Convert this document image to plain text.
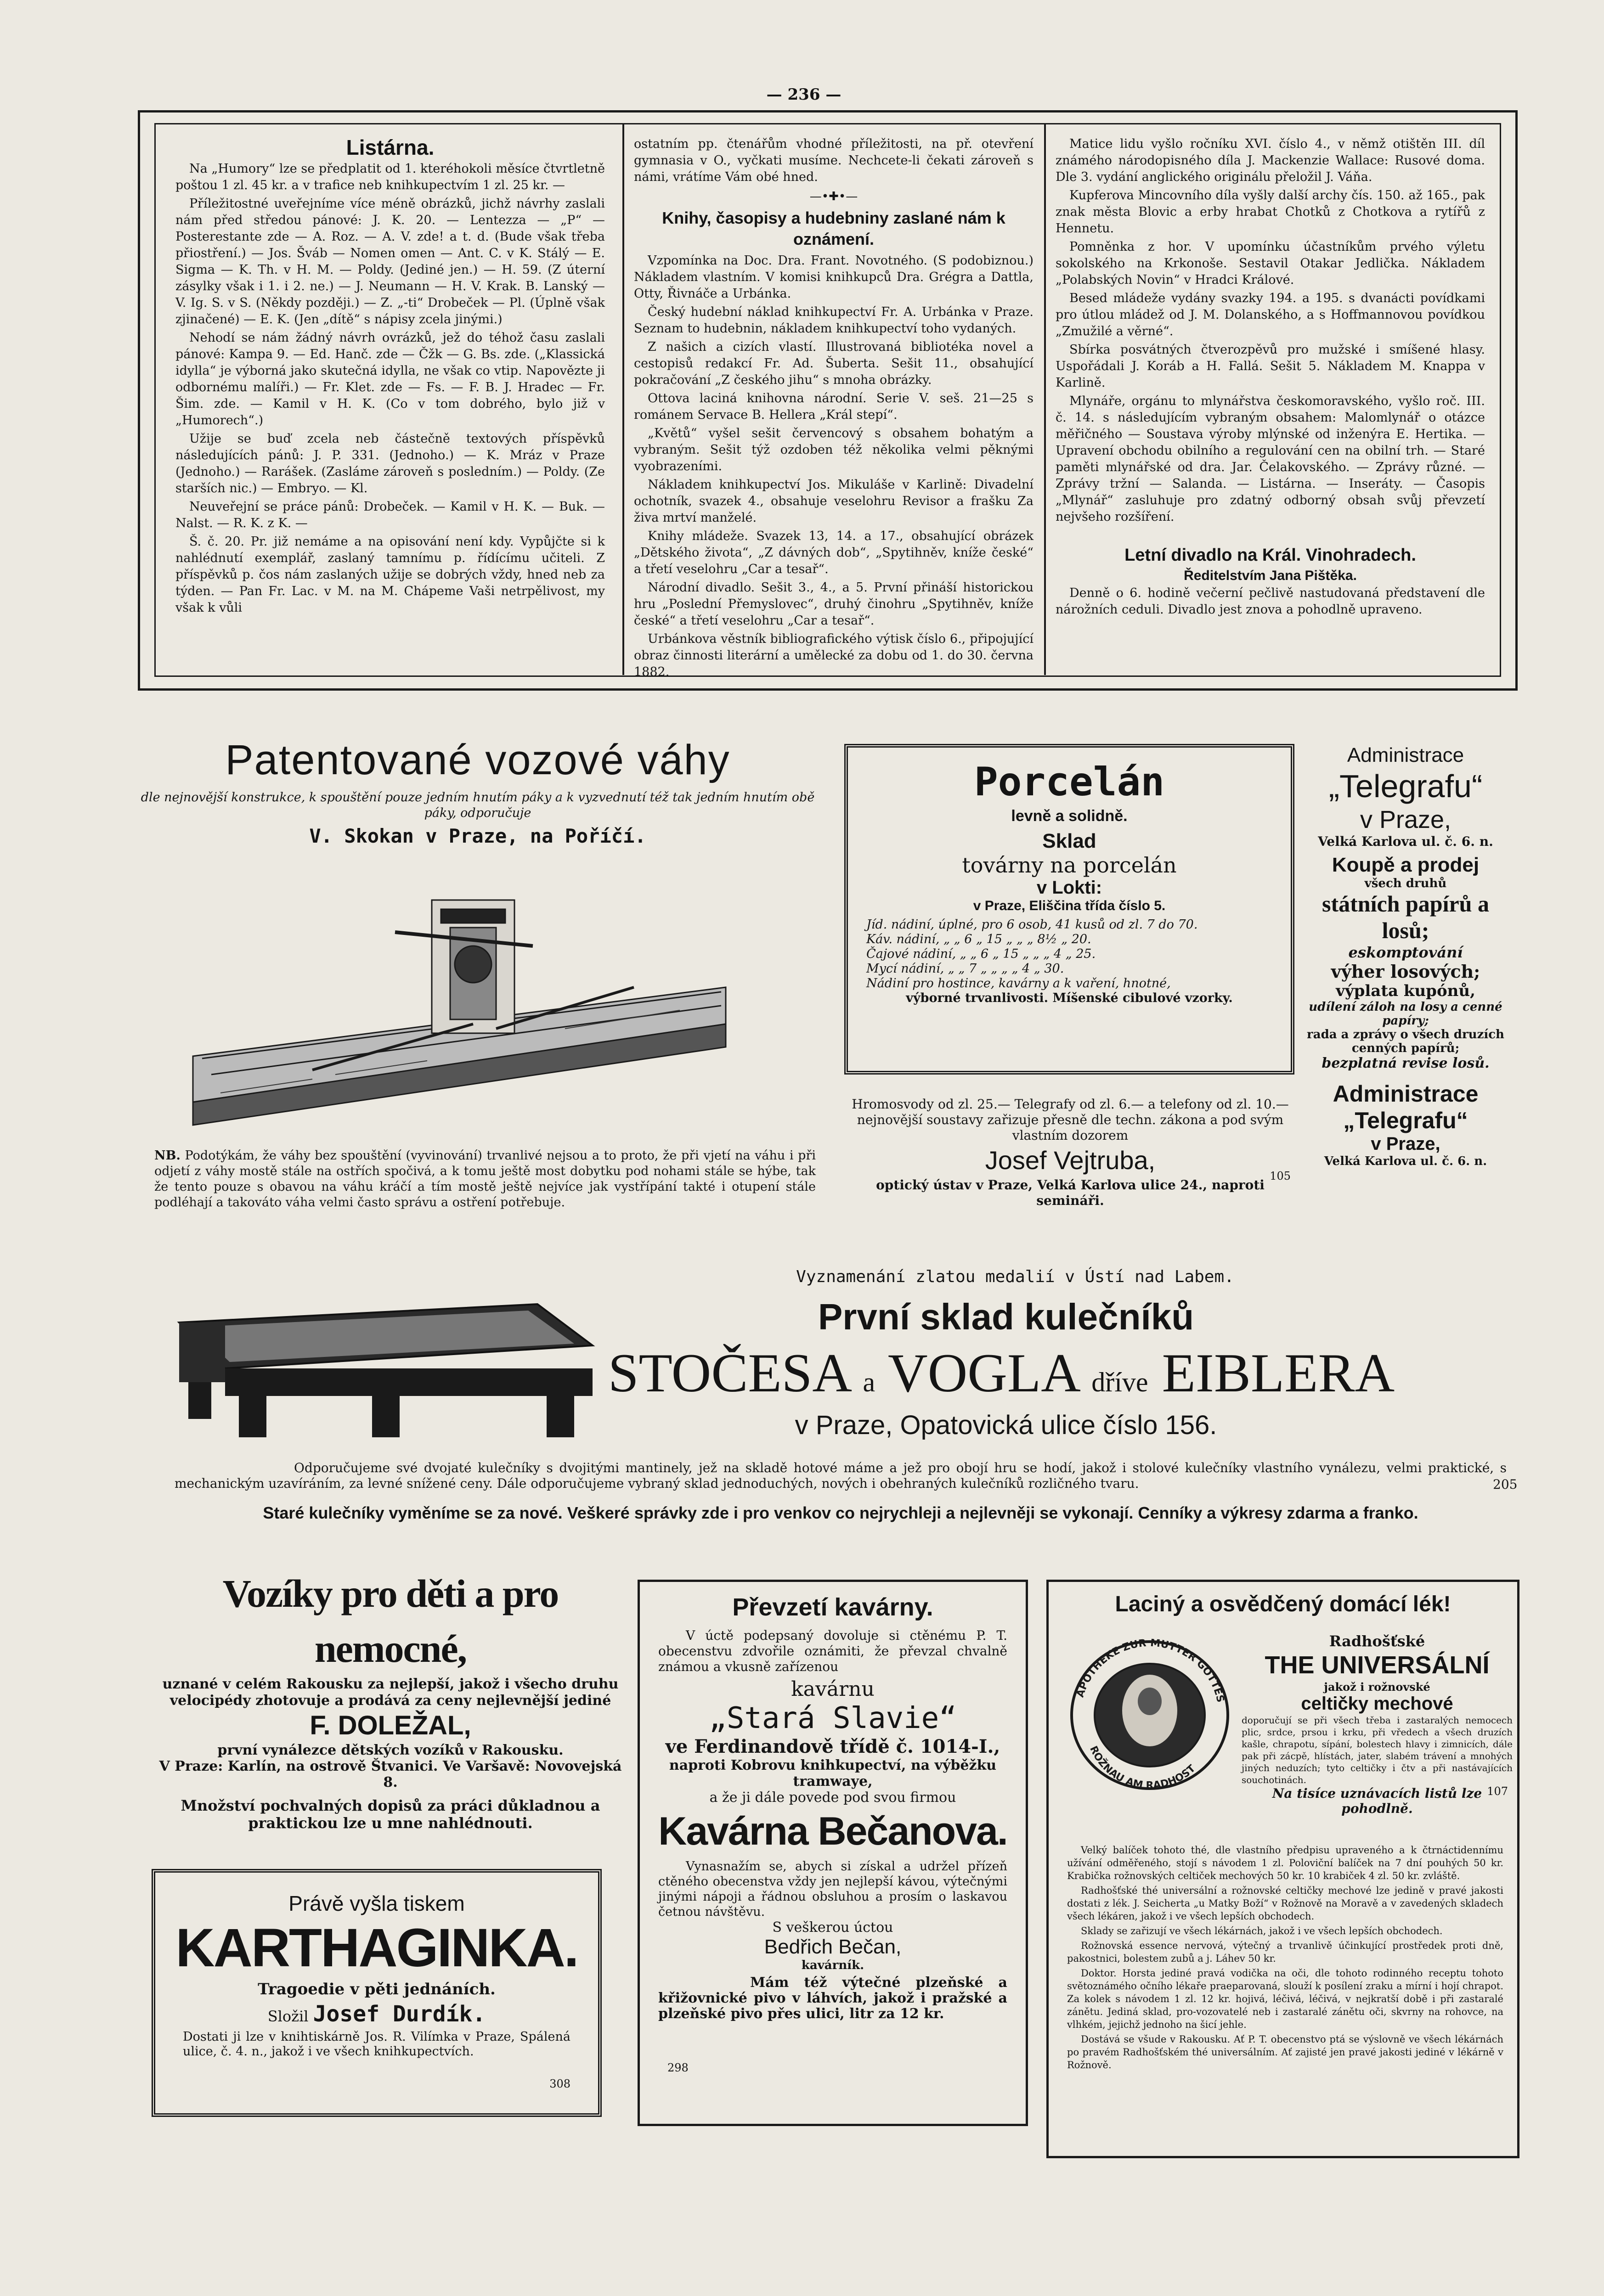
— 236 —
Listárna.

Na „Humory“ lze se předplatit od 1. kteréhokoli měsíce čtvrtletně poštou 1 zl. 45 kr. a v trafice neb knihkupectvím 1 zl. 25 kr. —

Příležitostné uveřejníme více méně obrázků, jichž návrhy zaslali nám před středou pánové: J. K. 20. — Lentezza — „P“ — Posterestante zde — A. Roz. — A. V. zde! a t. d. (Bude však třeba přiostření.) — Jos. Šváb — Nomen omen — Ant. C. v K. Stálý — E. Sigma — K. Th. v H. M. — Poldy. (Jediné jen.) — H. 59. (Z úterní zásylky však i 1. i 2. ne.) — J. Neumann — H. V. Krak. B. Lanský — V. Ig. S. v S. (Někdy později.) — Z. „-ti“ Drobeček — Pl. (Úplně však zjinačené) — E. K. (Jen „dítě“ s nápisy zcela jinými.)

Nehodí se nám žádný návrh ovrázků, jež do téhož času zaslali pánové: Kampa 9. — Ed. Hanč. zde — Čžk — G. Bs. zde. („Klassická idylla“ je výborná jako skutečná idylla, ne však co vtip. Napovězte ji odbornému malíři.) — Fr. Klet. zde — Fs. — F. B. J. Hradec — Fr. Šim. zde. — Kamil v H. K. (Co v tom dobrého, bylo již v „Humorech“.)

Užije se buď zcela neb částečně textových příspěvků následujících pánů: J. P. 331. (Jednoho.) — K. Mráz v Praze (Jednoho.) — Rarášek. (Zasláme zároveň s posledním.) — Poldy. (Ze starších nic.) — Embryo. — Kl.

Neuveřejní se práce pánů: Drobeček. — Kamil v H. K. — Buk. — Nalst. — R. K. z K. —

Š. č. 20. Pr. již nemáme a na opisování není kdy. Vypůjčte si k nahlédnutí exemplář, zaslaný tamnímu p. řídícímu učiteli. Z příspěvků p. čos nám zaslaných užije se dobrých vždy, hned neb za týden. — Pan Fr. Lac. v M. na M. Chápeme Vaši netrpělivost, my však k vůli

ostatním pp. čtenářům vhodné příležitosti, na př. otevření gymnasia v O., vyčkati musíme. Nechcete-li čekati zároveň s námi, vrátíme Vám obé hned.

—•✚•—
Knihy, časopisy a hudebniny zaslané nám k oznámení.

Vzpomínka na Doc. Dra. Frant. Novotného. (S podobiznou.) Nákladem vlastním. V komisi knihkupců Dra. Grégra a Dattla, Otty, Řivnáče a Urbánka.

Český hudební náklad knihkupectví Fr. A. Urbánka v Praze. Seznam to hudebnin, nákladem knihkupectví toho vydaných.

Z našich a cizích vlastí. Illustrovaná bibliotéka novel a cestopisů redakcí Fr. Ad. Šuberta. Sešit 11., obsahující pokračování „Z českého jihu“ s mnoha obrázky.

Ottova laciná knihovna národní. Serie V. seš. 21—25 s románem Servace B. Hellera „Král stepí“.

„Květů“ vyšel sešit červencový s obsahem bohatým a vybraným. Sešit týž ozdoben též několika velmi pěknými vyobrazeními.

Nákladem knihkupectví Jos. Mikuláše v Karlině: Divadelní ochotník, svazek 4., obsahuje veselohru Revisor a frašku Za živa mrtví manželé.

Knihy mládeže. Svazek 13, 14. a 17., obsahující obrázek „Dětského života“, „Z dávných dob“, „Spytihněv, kníže české“ a třetí veselohru „Car a tesař“.

Národní divadlo. Sešit 3., 4., a 5. První přináší historickou hru „Poslední Přemyslovec“, druhý činohru „Spytihněv, kníže české“ a třetí veselohru „Car a tesař“.

Urbánkova věstník bibliografického výtisk číslo 6., připojující obraz činnosti literární a umělecké za dobu od 1. do 30. června 1882.

Matice lidu vyšlo ročníku XVI. číslo 4., v němž otištěn III. díl známého národopisného díla J. Mackenzie Wallace: Rusové doma. Dle 3. vydání anglického originálu přeložil J. Váňa.

Kupferova Mincovního díla vyšly další archy čís. 150. až 165., pak znak města Blovic a erby hrabat Chotků z Chotkova a rytířů z Hennetu.

Pomněnka z hor. V upomínku účastníkům prvého výletu sokolského na Krkonoše. Sestavil Otakar Jedlička. Nákladem „Polabských Novin“ v Hradci Králové.

Besed mládeže vydány svazky 194. a 195. s dvanácti povídkami pro útlou mládež od J. M. Dolanského, a s Hoffmannovou povídkou „Zmužilé a věrné“.

Sbírka posvátných čtverozpěvů pro mužské i smíšené hlasy. Uspořádali J. Koráb a H. Fallá. Sešit 5. Nákladem M. Knappa v Karlině.

Mlynáře, orgánu to mlynářstva českomoravského, vyšlo roč. III. č. 14. s následujícím vybraným obsahem: Malomlynář o otázce měřičného — Soustava výroby mlýnské od inženýra E. Hertika. — Upravení obchodu obilního a regulování cen na obilní trh. — Staré paměti mlynářské od dra. Jar. Čelakovského. — Zprávy různé. — Zprávy tržní — Salanda. — Listárna. — Inseráty. — Časopis „Mlynář“ zasluhuje pro zdatný odborný obsah svůj převzetí nejvšeho rozšíření.

Letní divadlo na Král. Vinohradech.
Ředitelstvím Jana Pištěka.

Denně o 6. hodině večerní pečlivě nastudovaná představení dle nárožních ceduli. Divadlo jest znova a pohodlně upraveno.

Patentované vozové váhy
dle nejnovější konstrukce, k spouštění pouze jedním hnutím páky a k vyzvednutí též tak jedním hnutím obě páky, odporučuje
V. Skokan v Praze, na Poříčí.
NB. Podotýkám, že váhy bez spouštění (vyvinování) trvanlivé nejsou a to proto, že při vjetí na váhu i při odjetí z váhy mostě stále na ostřích spočivá, a k tomu ještě most dobytku pod nohami stále se hýbe, tak že tento pouze s obavou na váhu kráčí a tím mostě ještě nejvíce jak vystřípání takté i otupení stále podléhají a takováto váha velmi často správu a ostření potřebuje.
Porcelán
levně a solidně.
Sklad
továrny na porcelán
v Lokti:
v Praze, Eliščina třída číslo 5.
Jíd. nádiní, úplné, pro 6 osob, 41 kusů od zl. 7 do 70.
Káv. nádiní, „ „ 6 „ 15 „ „ „ 8½ „ 20.
Čajové nádiní, „ „ 6 „ 15 „ „ „ 4 „ 25.
Mycí nádiní, „ „ 7 „ „ „ „ 4 „ 30.
Nádiní pro hostince, kavárny a k vaření, hnotné,
výborné trvanlivosti. Míšenské cibulové vzorky.
Hromosvody od zl. 25.— Telegrafy od zl. 6.— a telefony od zl. 10.— nejnovější soustavy zařizuje přesně dle techn. zákona a pod svým vlastním dozorem
Josef Vejtruba,
105
optický ústav v Praze, Velká Karlova ulice 24., naproti semináři.
Administrace
„Telegrafu“
v Praze,
Velká Karlova ul. č. 6. n.
Koupě a prodej
všech druhů
státních papírů a losů;
eskomptování
výher losových;
výplata kupónů,
udílení záloh na losy a cenné papíry;
rada a zprávy o všech druzích cenných papírů;
bezplatná revise losů.
Administrace „Telegrafu“
v Praze,
Velká Karlova ul. č. 6. n.
Vyznamenání zlatou medalií v Ústí nad Labem.
První sklad kulečníků
STOČESA a VOGLA dříve EIBLERA
v Praze, Opatovická ulice číslo 156.
Odporučujeme své dvojaté kulečníky s dvojitými mantinely, jež na skladě hotové máme a jež pro obojí hru se hodí, jakož i stolové kulečníky vlastního vynálezu, velmi praktické, s mechanickým uzavíráním, za levné snížené ceny. Dále odporučujeme vybraný sklad jednoduchých, nových i obehraných kulečníků rozličného tvaru.	205
Staré kulečníky vyměníme se za nové. Veškeré správky zde i pro venkov co nejrychleji a nejlevněji se vykonají. Cenníky a výkresy zdarma a franko.
Vozíky pro děti a pro nemocné,
uznané v celém Rakousku za nejlepší, jakož i všecho druhu velocipédy zhotovuje a prodává za ceny nejlevnější jediné
F. DOLEŽAL,
první vynálezce dětských vozíků v Rakousku.
V Praze: Karlín, na ostrově Štvanici. Ve Varšavě: Novovejská 8.
Množství pochvalných dopisů za práci důkladnou a praktickou lze u mne nahlédnouti.
Právě vyšla tiskem
KARTHAGINKA.
Tragoedie v pěti jednáních.
Složil Josef Durdík.
Dostati ji lze v knihtiskárně Jos. R. Vilímka v Praze, Spálená ulice, č. 4. n., jakož i ve všech knihkupectvích.
308
Převzetí kavárny.
V úctě podepsaný dovoluje si ctěnému P. T. obecenstvu zdvořile oznámiti, že převzal chvalně známou a vkusně zařízenou
kavárnu
„Stará Slavie“
ve Ferdinandově třídě č. 1014-I.,
naproti Kobrovu knihkupectví, na výběžku tramwaye,
a že ji dále povede pod svou firmou
Kavárna Bečanova.
Vynasnažím se, abych si získal a udržel přízeň ctěného obecenstva vždy jen nejlepší kávou, výtečnými jinými nápoji a řádnou obsluhou a prosím o laskavou četnou návštěvu.
S veškerou úctou
Bedřich Bečan,
kavárník.
298
Mám též výtečné plzeňské a křižovnické pivo v láhvích, jakož i pražské a plzeňské pivo přes ulici, litr za 12 kr.
Laciný a osvědčený domácí lék!
APOTHEKE ZUR MUTTER GOTTES
ROŽNAU AM RADHOST
Radhošťské
THE UNIVERSÁLNÍ
jakož i rožnovské
celtičky mechové
doporučují se při všech třeba i zastaralých nemocech plic, srdce, prsou i krku, při vředech a všech druzích kašle, chrapotu, sípání, bolestech hlavy i zimnicích, dále pak při zácpě, hlístách, jater, slabém trávení a mnohých jiných neduzích; tyto celtičky i čtv a při nastávajících souchotinách.
Na tisíce uznávacích listů lze pohodlně.
107

Velký balíček tohoto thé, dle vlastního předpisu upraveného a k čtrnáctidennímu užívání odměřeného, stojí s návodem 1 zl. Poloviční balíček na 7 dní pouhých 50 kr. Krabička rožnovských celtiček mechových 50 kr. 10 krabiček 4 zl. 50 kr. zvláště.

Radhošťské thé universální a rožnovské celtičky mechové lze jedině v pravé jakosti dostati z lék. J. Seicherta „u Matky Boží“ v Rožnově na Moravě a v zavedených skladech všech lékáren, jakož i ve všech lepších obchodech.

Sklady se zařizují ve všech lékárnách, jakož i ve všech lepších obchodech.

Rožnovská essence nervová, výtečný a trvanlivě účinkující prostředek proti dně, pakostnici, bolestem zubů a j. Láhev 50 kr.

Doktor. Horsta jediné pravá vodička na oči, dle tohoto rodinného receptu tohoto světoznámého očního lékaře praeparovaná, slouží k posílení zraku a mírní i hojí chrapot. Za kolek s návodem 1 zl. 12 kr. hojivá, léčivá, léčivá, v nejkratší době i při zastaralé zánětu. Jediná sklad, pro-vozovatelé neb i zastaralé zánětu oči, skvrny na rohovce, na vlhkém, jejichž jednoho na šicí jehle.

Dostává se všude v Rakousku. Ať P. T. obecenstvo ptá se výslovně ve všech lékárnách po pravém Radhošťském thé universálním. Ať zajisté jen pravé jakosti jediné v lékárně v Rožnově.
